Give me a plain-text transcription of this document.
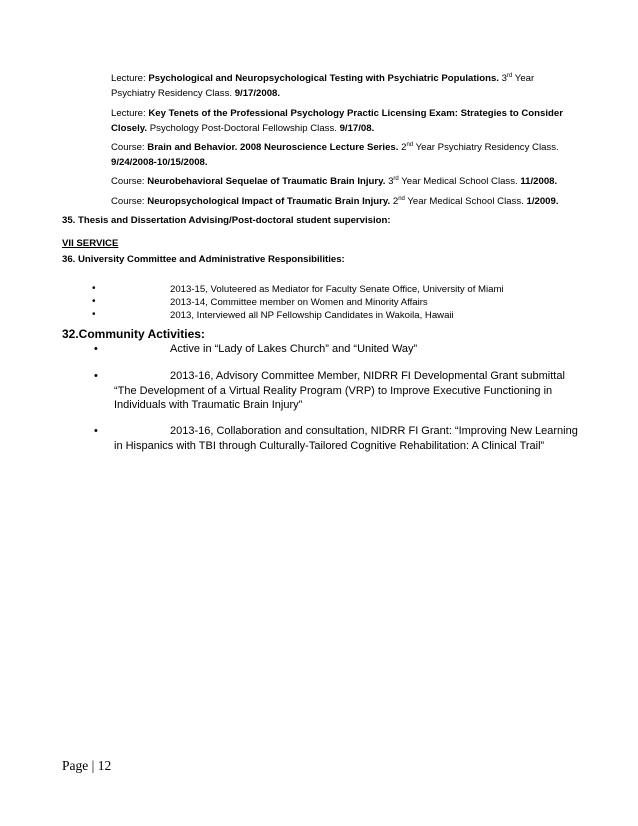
Lecture: Psychological and Neuropsychological Testing with Psychiatric Populations. 3rd Year Psychiatry Residency Class. 9/17/2008.
Lecture: Key Tenets of the Professional Psychology Practic Licensing Exam: Strategies to Consider Closely. Psychology Post-Doctoral Fellowship Class. 9/17/08.
Course: Brain and Behavior. 2008 Neuroscience Lecture Series. 2nd Year Psychiatry Residency Class. 9/24/2008-10/15/2008.
Course: Neurobehavioral Sequelae of Traumatic Brain Injury. 3rd Year Medical School Class. 11/2008.
Course: Neuropsychological Impact of Traumatic Brain Injury. 2nd Year Medical School Class. 1/2009.
35. Thesis and Dissertation Advising/Post-doctoral student supervision:
VII SERVICE
36. University Committee and Administrative Responsibilities:
•	2013-15, Voluteered as Mediator for Faculty Senate Office, University of Miami
•	2013-14, Committee member on Women and Minority Affairs
•	2013, Interviewed all NP Fellowship Candidates in Wakoila, Hawaii
32.Community Activities:
•	Active in “Lady of Lakes Church” and “United Way”
•	2013-16, Advisory Committee Member, NIDRR FI Developmental Grant submittal
“The Development of a Virtual Reality Program (VRP) to Improve Executive Functioning in
Individuals with Traumatic Brain Injury”
•	2013-16, Collaboration and consultation, NIDRR FI Grant: “Improving New Learning
in Hispanics with TBI through Culturally-Tailored Cognitive Rehabilitation: A Clinical Trail”
Page | 12
